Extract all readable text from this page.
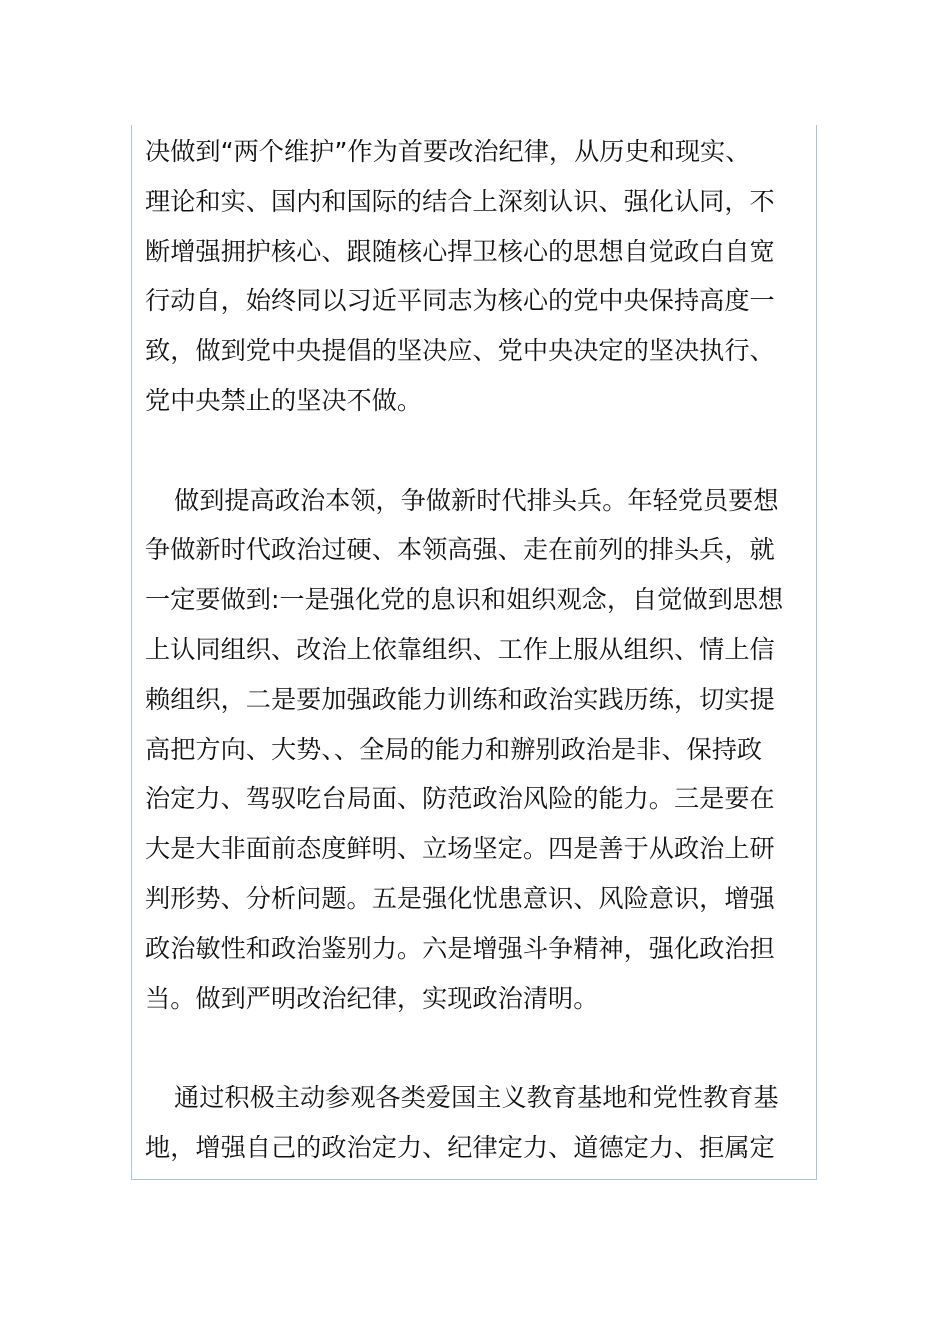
决做到“两个维护”作为首要改治纪律，从历史和现实、
理论和实、国内和国际的结合上深刻认识、强化认同，不
断增强拥护核心、跟随核心捍卫核心的思想自觉政白自宽
行动自，始终同以习近平同志为核心的党中央保持高度一
致，做到党中央提倡的坚决应、党中央决定的坚决执行、
党中央禁止的坚决不做。
做到提高政治本领，争做新时代排头兵。年轻党员要想
争做新时代政治过硬、本领高强、走在前列的排头兵，就
一定要做到:一是强化党的息识和姐织观念，自觉做到思想
上认同组织、改治上依靠组织、工作上服从组织、情上信
赖组织，二是要加强政能力训练和政治实践历练，切实提
高把方向、大势、、全局的能力和辦别政治是非、保持政
治定力、驾驭吃台局面、防范政治风险的能力。三是要在
大是大非面前态度鲜明、立场坚定。四是善于从政治上研
判形势、分析问题。五是强化忧患意识、风险意识，增强
政治敏性和政治鉴别力。六是增强斗争精神，强化政治担
当。做到严明改治纪律，实现政治清明。
通过积极主动参观各类爱国主义教育基地和党性教育基
地，增强自己的政治定力、纪律定力、道德定力、拒属定
